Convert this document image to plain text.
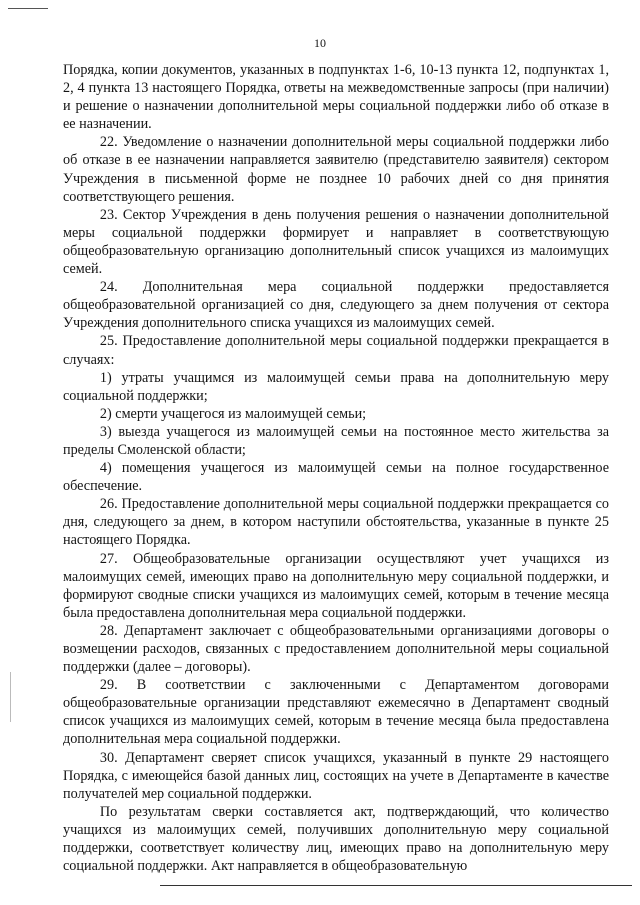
10

Порядка, копии документов, указанных в подпунктах 1-6, 10-13 пункта 12, подпунктах 1, 2, 4 пункта 13 настоящего Порядка, ответы на межведомственные запросы (при наличии) и решение о назначении дополнительной меры социальной поддержки либо об отказе в ее назначении.

22. Уведомление о назначении дополнительной меры социальной поддержки либо об отказе в ее назначении направляется заявителю (представителю заявителя) сектором Учреждения в письменной форме не позднее 10 рабочих дней со дня принятия соответствующего решения.

23. Сектор Учреждения в день получения решения о назначении дополнительной меры социальной поддержки формирует и направляет в соответствующую общеобразовательную организацию дополнительный список учащихся из малоимущих семей.

24. Дополнительная мера социальной поддержки предоставляется общеобразовательной организацией со дня, следующего за днем получения от сектора Учреждения дополнительного списка учащихся из малоимущих семей.

25. Предоставление дополнительной меры социальной поддержки прекращается в случаях:

1) утраты учащимся из малоимущей семьи права на дополнительную меру социальной поддержки;

2) смерти учащегося из малоимущей семьи;

3) выезда учащегося из малоимущей семьи на постоянное место жительства за пределы Смоленской области;

4) помещения учащегося из малоимущей семьи на полное государственное обеспечение.

26. Предоставление дополнительной меры социальной поддержки прекращается со дня, следующего за днем, в котором наступили обстоятельства, указанные в пункте 25 настоящего Порядка.

27. Общеобразовательные организации осуществляют учет учащихся из малоимущих семей, имеющих право на дополнительную меру социальной поддержки, и формируют сводные списки учащихся из малоимущих семей, которым в течение месяца была предоставлена дополнительная мера социальной поддержки.

28. Департамент заключает с общеобразовательными организациями договоры о возмещении расходов, связанных с предоставлением дополнительной меры социальной поддержки (далее – договоры).

29. В соответствии с заключенными с Департаментом договорами общеобразовательные организации представляют ежемесячно в Департамент сводный список учащихся из малоимущих семей, которым в течение месяца была предоставлена дополнительная мера социальной поддержки.

30. Департамент сверяет список учащихся, указанный в пункте 29 настоящего Порядка, с имеющейся базой данных лиц, состоящих на учете в Департаменте в качестве получателей мер социальной поддержки.

По результатам сверки составляется акт, подтверждающий, что количество учащихся из малоимущих семей, получивших дополнительную меру социальной поддержки, соответствует количеству лиц, имеющих право на дополнительную меру социальной поддержки. Акт направляется в общеобразовательную
